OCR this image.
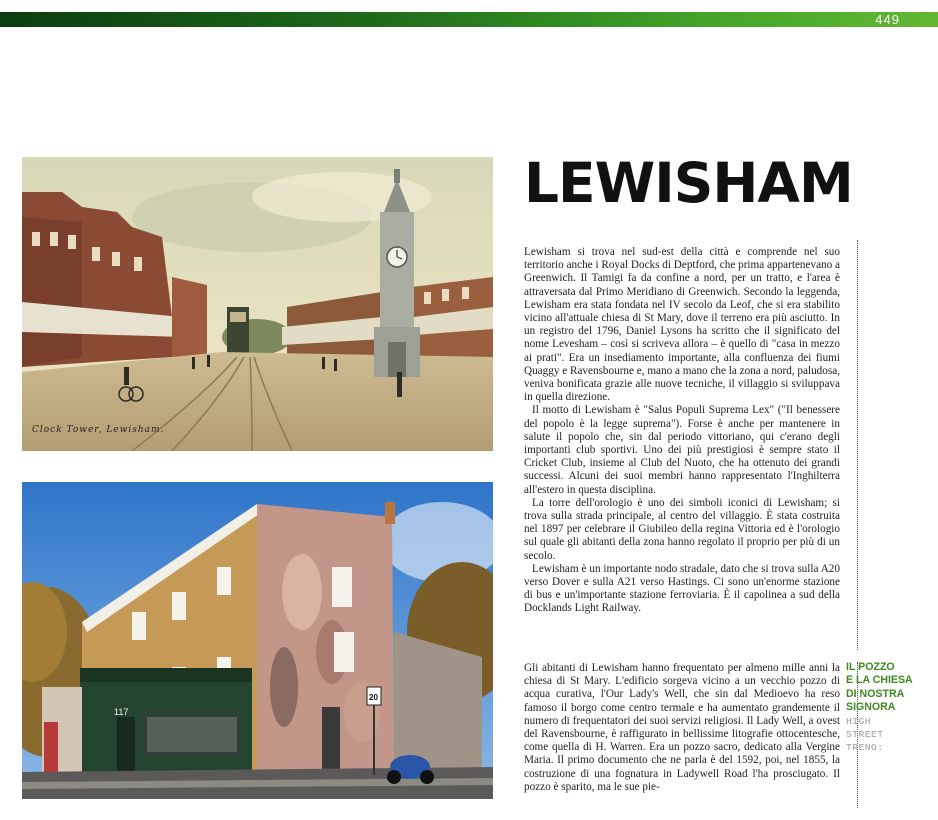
449
Clock Tower, Lewisham.
117
20
LEWISHAM

Lewisham si trova nel sud-est della città e comprende nel suo territorio anche i Royal Docks di Deptford, che prima appartenevano a Greenwich. Il Tamigi fa da confine a nord, per un tratto, e l'area è attraversata dal Primo Meridiano di Greenwich. Secondo la leggenda, Lewisham era stata fondata nel IV secolo da Leof, che si era stabilito vicino all'attuale chiesa di St Mary, dove il terreno era più asciutto. In un registro del 1796, Daniel Lysons ha scritto che il significato del nome Levesham – così si scriveva allora – è quello di "casa in mezzo ai prati". Era un insediamento importante, alla confluenza dei fiumi Quaggy e Ravensbourne e, mano a mano che la zona a nord, paludosa, veniva bonificata grazie alle nuove tecniche, il villaggio si sviluppava in quella direzione.

Il motto di Lewisham è "Salus Populi Suprema Lex" ("Il benessere del popolo è la legge suprema"). Forse è anche per mantenere in salute il popolo che, sin dal periodo vittoriano, qui c'erano degli importanti club sportivi. Uno dei più prestigiosi è sempre stato il Cricket Club, insieme al Club del Nuoto, che ha ottenuto dei grandi successi. Alcuni dei suoi membri hanno rappresentato l'Inghilterra all'estero in questa disciplina.

La torre dell'orologio è uno dei simboli iconici di Lewisham; si trova sulla strada principale, al centro del villaggio. È stata costruita nel 1897 per celebrare il Giubileo della regina Vittoria ed è l'orologio sul quale gli abitanti della zona hanno regolato il proprio per più di un secolo.

Lewisham è un importante nodo stradale, dato che si trova sulla A20 verso Dover e sulla A21 verso Hastings. Ci sono un'enorme stazione di bus e un'importante stazione ferroviaria. È il capolinea a sud della Docklands Light Railway.

Gli abitanti di Lewisham hanno frequentato per almeno mille anni la chiesa di St Mary. L'edificio sorgeva vicino a un vecchio pozzo di acqua curativa, l'Our Lady's Well, che sin dal Medioevo ha reso famoso il borgo come centro termale e ha aumentato grandemente il numero di frequentatori dei suoi servizi religiosi. Il Lady Well, a ovest del Ravensbourne, è raffigurato in bellissime litografie ottocentesche, come quella di H. Warren. Era un pozzo sacro, dedicato alla Vergine Maria. Il primo documento che ne parla è del 1592, poi, nel 1855, la costruzione di una fognatura in Ladywell Road l'ha prosciugato. Il pozzo è sparito, ma le sue pie-

IL POZZO

E LA CHIESA

DI NOSTRA

SIGNORA

HIGH

STREET

TRENO:
